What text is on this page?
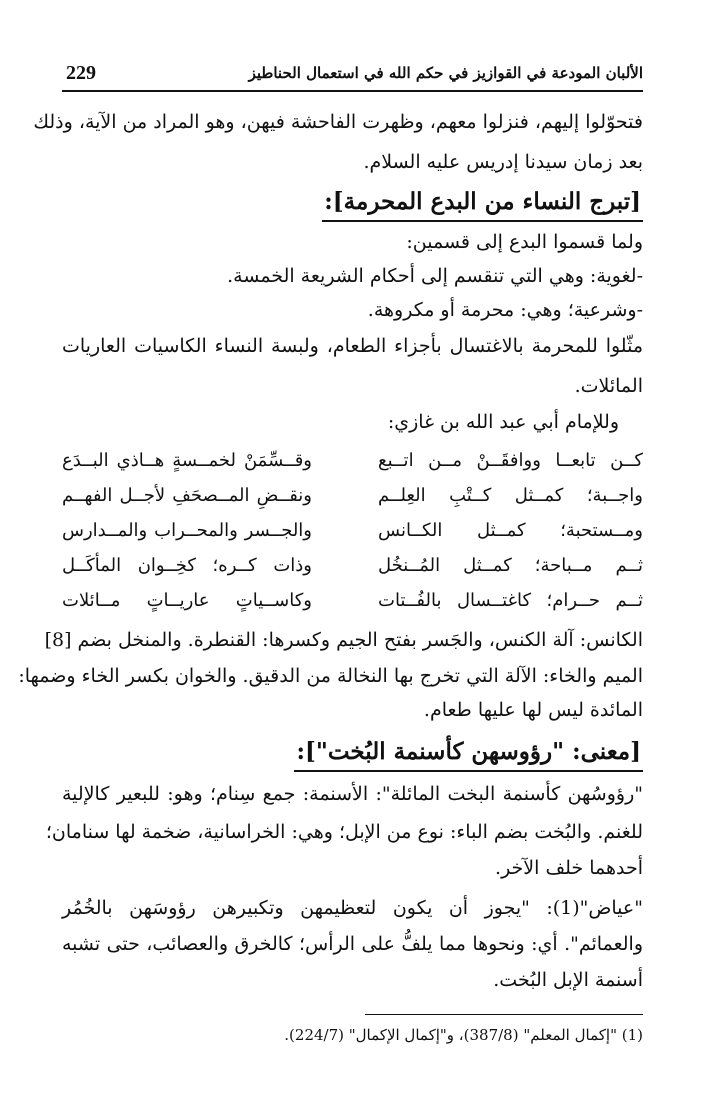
229	الألبان المودعة في القوازيز في حكم الله في استعمال الحناطيز
فتحوّلوا إليهم، فنزلوا معهم، وظهرت الفاحشة فيهن، وهو المراد من الآية، وذلك
بعد زمان سيدنا إدريس عليه السلام.
[تبرج النساء من البدع المحرمة]:
ولما قسموا البدع إلى قسمين:
-لغوية: وهي التي تنقسم إلى أحكام الشريعة الخمسة.
-وشرعية؛ وهي: محرمة أو مكروهة.
مثّلوا للمحرمة بالاغتسال بأجزاء الطعام، ولبسة النساء الكاسيات العاريات
المائلات.
وللإمام أبي عبد الله بن غازي:
كــن تابعــا ووافقَــنْ مــن اتــبع
وقــسِّمَنْ لخمــسةٍ هــاذي البــدَع
واجــبة؛ كمــثل كــتْبِ العِلــم
ونقــضِ المــصحَفِ لأجــل الفهــم
ومــستحبة؛ كمــثل الكــانس
والجــسر والمحــراب والمــدارس
ثــم مــباحة؛ كمــثل المُــنخُل
وذات كــره؛ كخِــوان المأكَــل
ثــم حــرام؛ كاغتــسال بالفُــتات
وكاســياتٍ عاريــاتٍ مــائلات
الكانس: آلة الكنس، والجَسر بفتح الجيم وكسرها: القنطرة. والمنخل بضم [8]
الميم والخاء: الآلة التي تخرج بها النخالة من الدقيق. والخوان بكسر الخاء وضمها:
المائدة ليس لها عليها طعام.
[معنى: "رؤوسهن كأسنمة البُخت"]:
"رؤوسُهن كأسنمة البخت المائلة": الأسنمة: جمع سِنام؛ وهو: للبعير كالإلية
للغنم. والبُخت بضم الباء: نوع من الإبل؛ وهي: الخراسانية، ضخمة لها سنامان؛
أحدهما خلف الآخر.
"عياض"(1): "يجوز أن يكون لتعظيمهن وتكبيرهن رؤوسَهن بالخُمُر
والعمائم". أي: ونحوها مما يلفُّ على الرأس؛ كالخرق والعصائب، حتى تشبه
أسنمة الإبل البُخت.
(1) "إكمال المعلم" (387/8)، و"إكمال الإكمال" (224/7).
